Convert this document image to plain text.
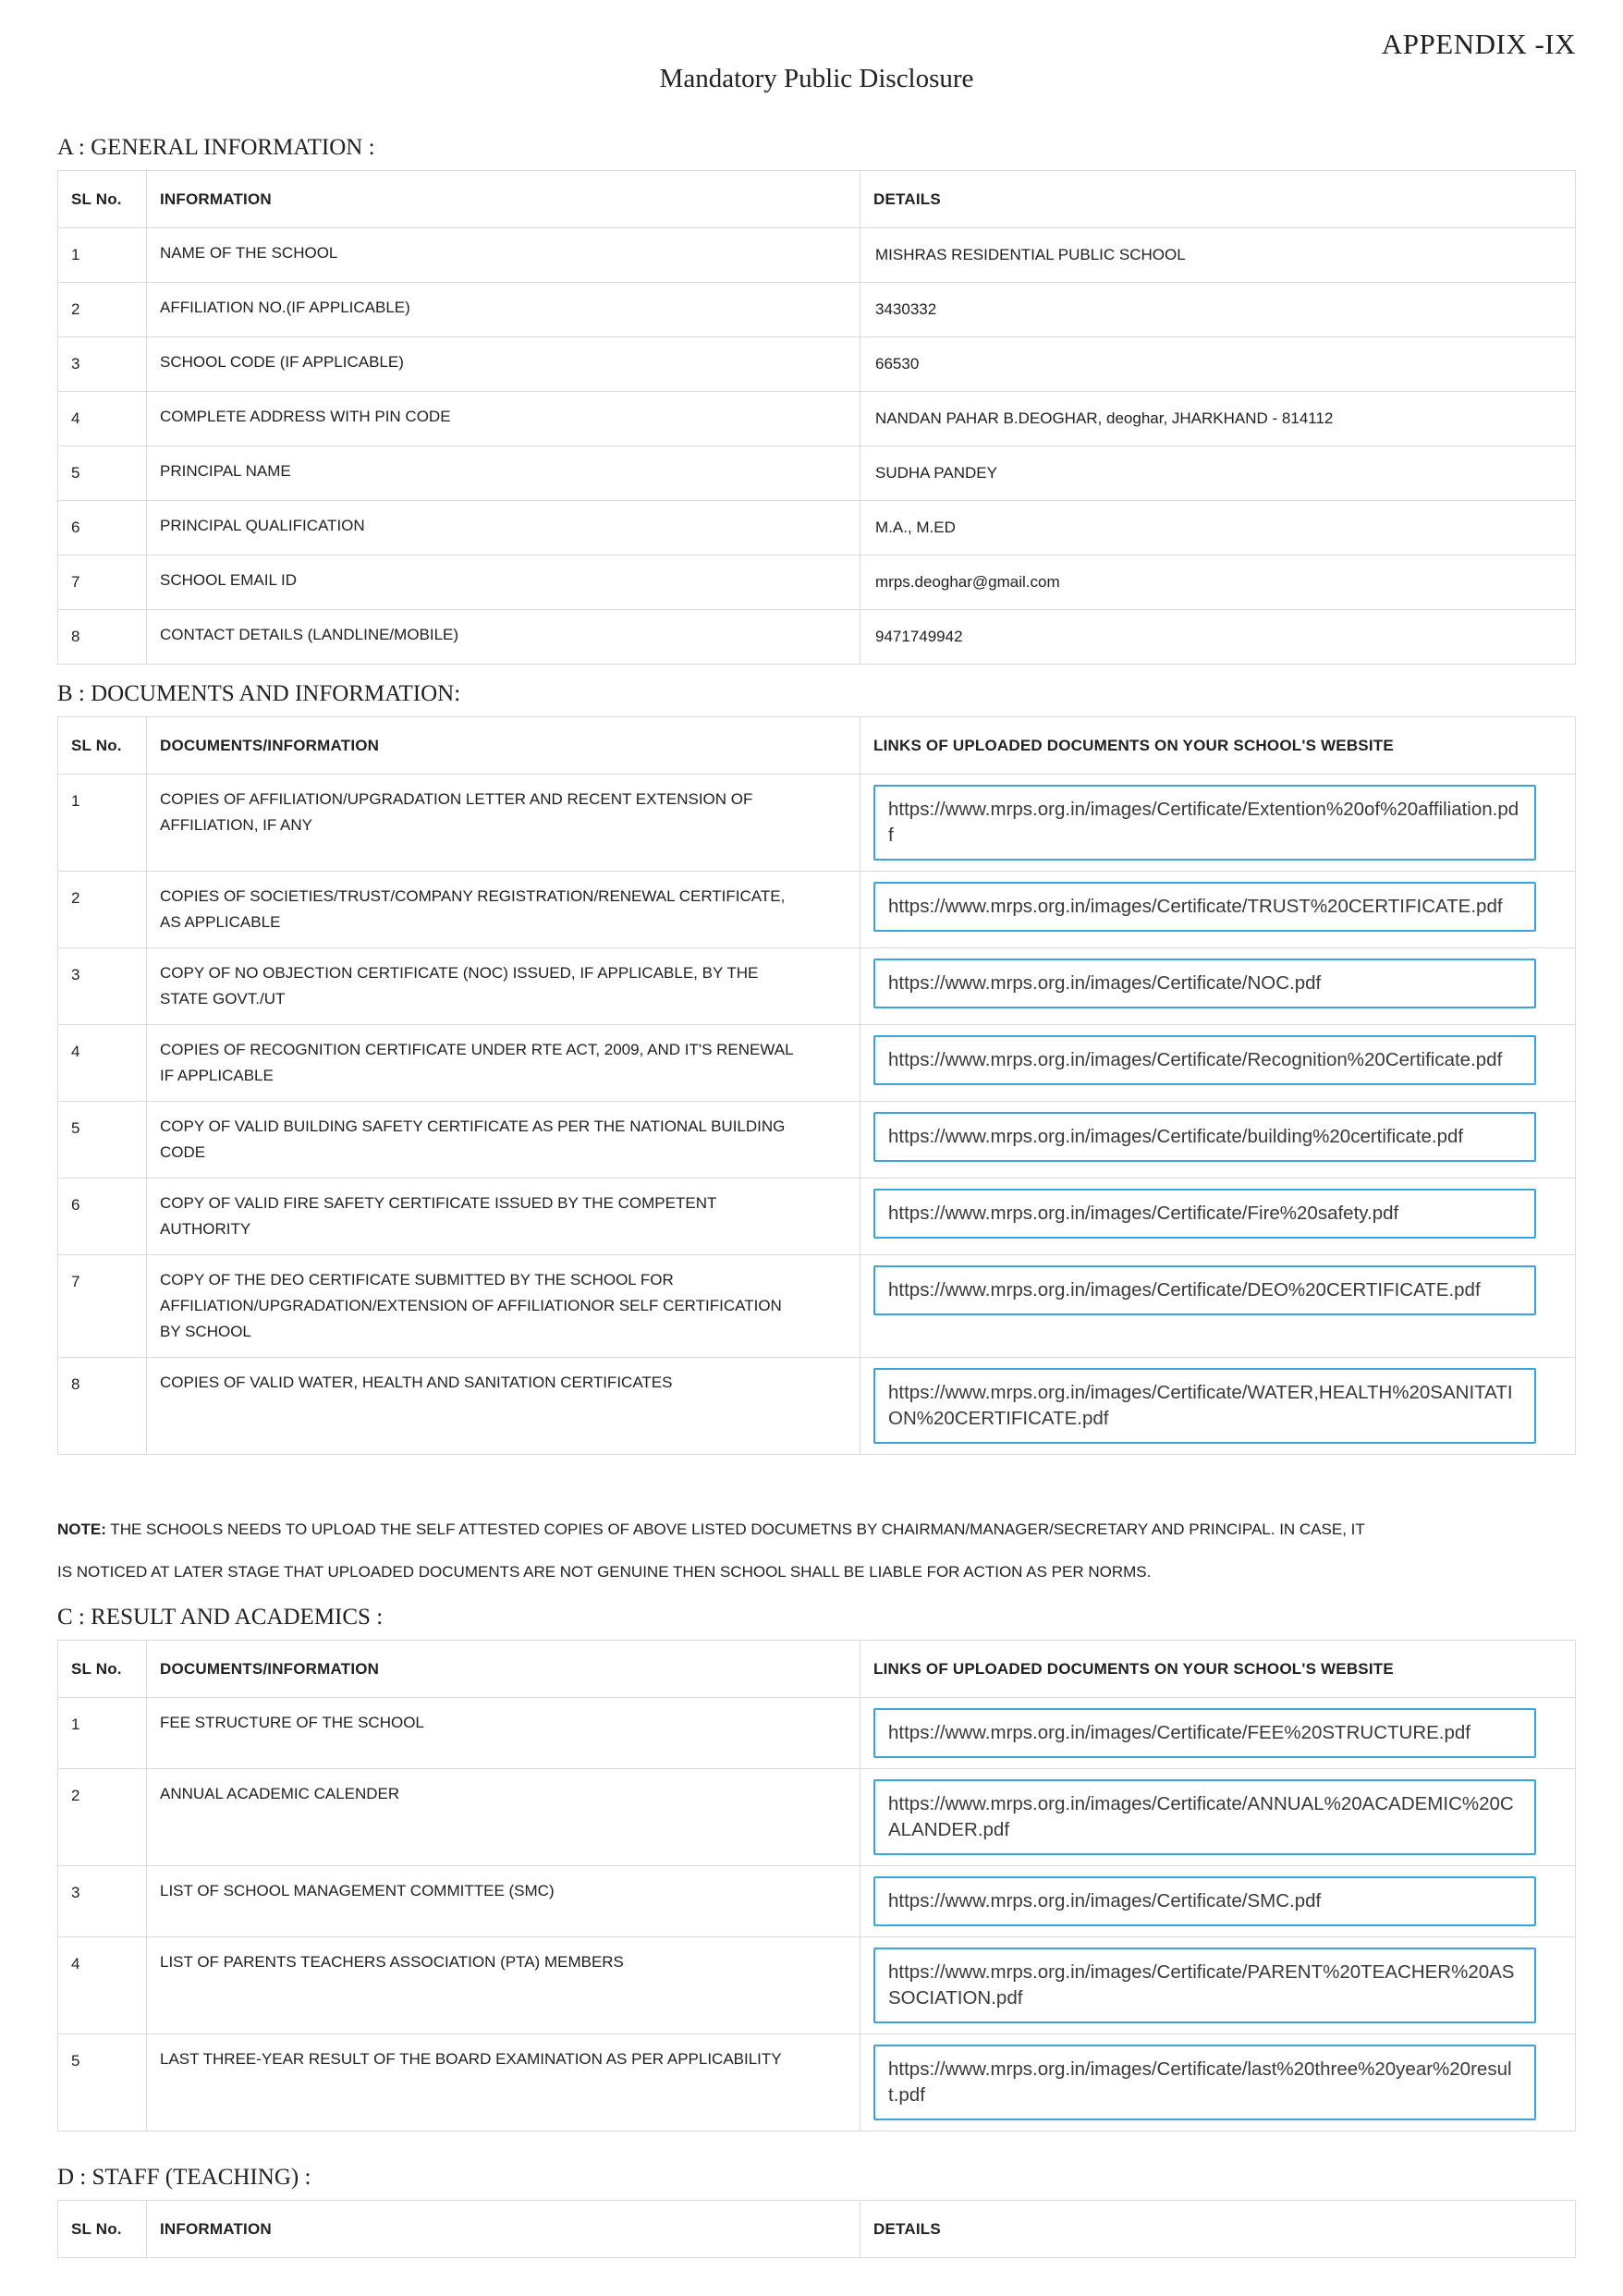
APPENDIX -IX
Mandatory Public Disclosure
A : GENERAL INFORMATION :
SL No.	INFORMATION	DETAILS
1	NAME OF THE SCHOOL	MISHRAS RESIDENTIAL PUBLIC SCHOOL
2	AFFILIATION NO.(IF APPLICABLE)	3430332
3	SCHOOL CODE (IF APPLICABLE)	66530
4	COMPLETE ADDRESS WITH PIN CODE	NANDAN PAHAR B.DEOGHAR, deoghar, JHARKHAND - 814112
5	PRINCIPAL NAME	SUDHA PANDEY
6	PRINCIPAL QUALIFICATION	M.A., M.ED
7	SCHOOL EMAIL ID	mrps.deoghar@gmail.com
8	CONTACT DETAILS (LANDLINE/MOBILE)	9471749942
B : DOCUMENTS AND INFORMATION:
SL No.	DOCUMENTS/INFORMATION	LINKS OF UPLOADED DOCUMENTS ON YOUR SCHOOL'S WEBSITE
1	COPIES OF AFFILIATION/UPGRADATION LETTER AND RECENT EXTENSION OF AFFILIATION, IF ANY	https://www.mrps.org.in/images/Certificate/Extention%20of%20affiliation.pdf

2	COPIES OF SOCIETIES/TRUST/COMPANY REGISTRATION/RENEWAL CERTIFICATE, AS APPLICABLE	https://www.mrps.org.in/images/Certificate/TRUST%20CERTIFICATE.pdf

3	COPY OF NO OBJECTION CERTIFICATE (NOC) ISSUED, IF APPLICABLE, BY THE STATE GOVT./UT	https://www.mrps.org.in/images/Certificate/NOC.pdf

4	COPIES OF RECOGNITION CERTIFICATE UNDER RTE ACT, 2009, AND IT'S RENEWAL IF APPLICABLE	https://www.mrps.org.in/images/Certificate/Recognition%20Certificate.pdf

5	COPY OF VALID BUILDING SAFETY CERTIFICATE AS PER THE NATIONAL BUILDING CODE	https://www.mrps.org.in/images/Certificate/building%20certificate.pdf

6	COPY OF VALID FIRE SAFETY CERTIFICATE ISSUED BY THE COMPETENT AUTHORITY	https://www.mrps.org.in/images/Certificate/Fire%20safety.pdf

7	COPY OF THE DEO CERTIFICATE SUBMITTED BY THE SCHOOL FOR AFFILIATION/UPGRADATION/EXTENSION OF AFFILIATIONOR SELF CERTIFICATION BY SCHOOL	https://www.mrps.org.in/images/Certificate/DEO%20CERTIFICATE.pdf

8	COPIES OF VALID WATER, HEALTH AND SANITATION CERTIFICATES	https://www.mrps.org.in/images/Certificate/WATER,HEALTH%20SANITATION%20CERTIFICATE.pdf

NOTE: THE SCHOOLS NEEDS TO UPLOAD THE SELF ATTESTED COPIES OF ABOVE LISTED DOCUMETNS BY CHAIRMAN/MANAGER/SECRETARY AND PRINCIPAL. IN CASE, IT IS NOTICED AT LATER STAGE THAT UPLOADED DOCUMENTS ARE NOT GENUINE THEN SCHOOL SHALL BE LIABLE FOR ACTION AS PER NORMS.

C : RESULT AND ACADEMICS :
SL No.	DOCUMENTS/INFORMATION	LINKS OF UPLOADED DOCUMENTS ON YOUR SCHOOL'S WEBSITE
1	FEE STRUCTURE OF THE SCHOOL	https://www.mrps.org.in/images/Certificate/FEE%20STRUCTURE.pdf

2	ANNUAL ACADEMIC CALENDER	https://www.mrps.org.in/images/Certificate/ANNUAL%20ACADEMIC%20CALANDER.pdf

3	LIST OF SCHOOL MANAGEMENT COMMITTEE (SMC)	https://www.mrps.org.in/images/Certificate/SMC.pdf

4	LIST OF PARENTS TEACHERS ASSOCIATION (PTA) MEMBERS	https://www.mrps.org.in/images/Certificate/PARENT%20TEACHER%20ASSOCIATION.pdf

5	LAST THREE-YEAR RESULT OF THE BOARD EXAMINATION AS PER APPLICABILITY	https://www.mrps.org.in/images/Certificate/last%20three%20year%20result.pdf
D : STAFF (TEACHING) :
SL No.	INFORMATION	DETAILS
